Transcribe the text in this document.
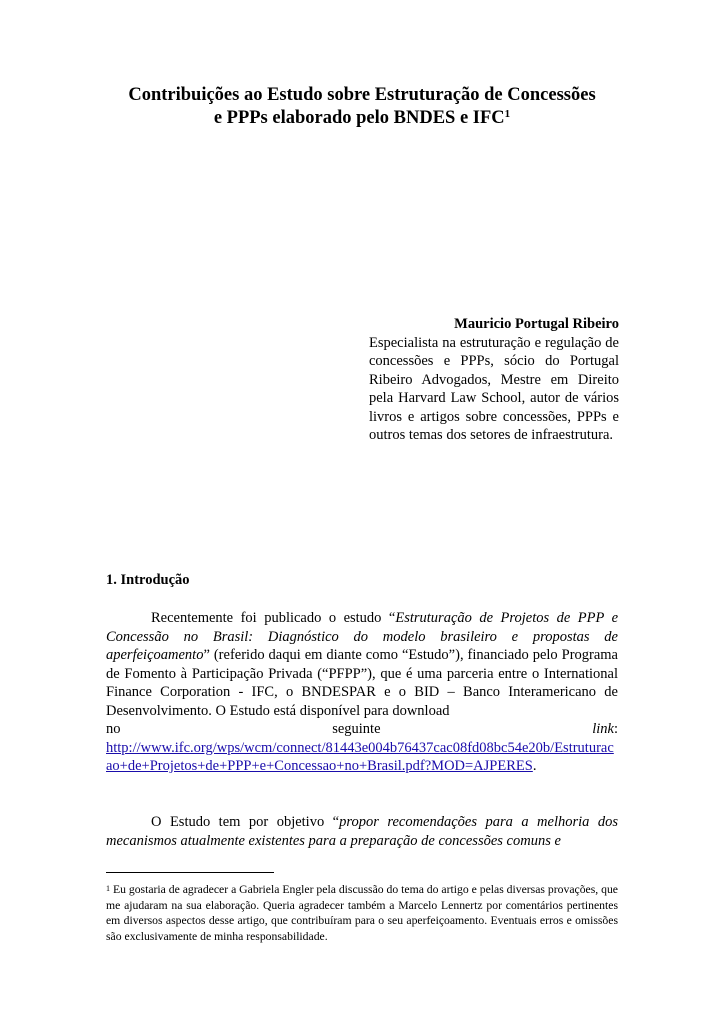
Contribuições ao Estudo sobre Estruturação de Concessões
e PPPs elaborado pelo BNDES e IFC$^1$
Mauricio Portugal Ribeiro
Especialista na estruturação e regulação de concessões e PPPs, sócio do Portugal Ribeiro Advogados, Mestre em Direito pela Harvard Law School, autor de vários livros e artigos sobre concessões, PPPs e outros temas dos setores de infraestrutura.
1. Introdução
Recentemente foi publicado o estudo “Estruturação de Projetos de PPP e Concessão no Brasil: Diagnóstico do modelo brasileiro e propostas de aperfeiçoamento” (referido daqui em diante como “Estudo”), financiado pelo Programa de Fomento à Participação Privada (“PFPP”), que é uma parceria entre o International Finance Corporation - IFC, o BNDESPAR e o BID – Banco Interamericano de Desenvolvimento. O Estudo está disponível para download
no	seguinte	link:
http://www.ifc.org/wps/wcm/connect/81443e004b76437cac08fd08bc54e20b/Estruturacao+de+Projetos+de+PPP+e+Concessao+no+Brasil.pdf?MOD=AJPERES.
O Estudo tem por objetivo “propor recomendações para a melhoria dos mecanismos atualmente existentes para a preparação de concessões comuns e
$^1$ Eu gostaria de agradecer a Gabriela Engler pela discussão do tema do artigo e pelas diversas provações, que me ajudaram na sua elaboração. Queria agradecer também a Marcelo Lennertz por comentários pertinentes em diversos aspectos desse artigo, que contribuíram para o seu aperfeiçoamento. Eventuais erros e omissões são exclusivamente de minha responsabilidade.
